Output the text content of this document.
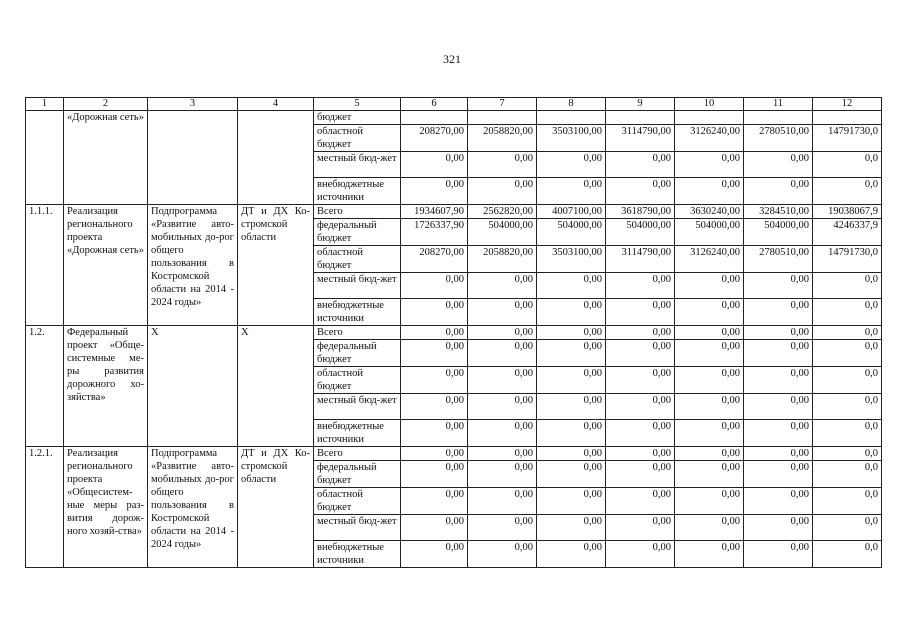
321
1	2	3	4	5	6	7	8	9	10	11	12
	«Дорожная сеть»			бюджет							
				областной бюджет	208270,00	2058820,00	3503100,00	3114790,00	3126240,00	2780510,00	14791730,0
				местный бюд-жет	0,00	0,00	0,00	0,00	0,00	0,00	0,0
				внебюджетные источники	0,00	0,00	0,00	0,00	0,00	0,00	0,0
1.1.1.	Реализация регионального проекта «Дорожная сеть»	Подпрограмма «Развитие авто-мобильных до-рог общего пользования в Костромской области на 2014 - 2024 годы»	ДТ и ДХ Ко-стромской области	Всего	1934607,90	2562820,00	4007100,00	3618790,00	3630240,00	3284510,00	19038067,9
				федеральный бюджет	1726337,90	504000,00	504000,00	504000,00	504000,00	504000,00	4246337,9
				областной бюджет	208270,00	2058820,00	3503100,00	3114790,00	3126240,00	2780510,00	14791730,0
				местный бюд-жет	0,00	0,00	0,00	0,00	0,00	0,00	0,0
				внебюджетные источники	0,00	0,00	0,00	0,00	0,00	0,00	0,0
1.2.	Федеральный проект «Обще-системные ме-ры развития дорожного хо-зяйства»	Х	Х	Всего	0,00	0,00	0,00	0,00	0,00	0,00	0,0
				федеральный бюджет	0,00	0,00	0,00	0,00	0,00	0,00	0,0
				областной бюджет	0,00	0,00	0,00	0,00	0,00	0,00	0,0
				местный бюд-жет	0,00	0,00	0,00	0,00	0,00	0,00	0,0
				внебюджетные источники	0,00	0,00	0,00	0,00	0,00	0,00	0,0
1.2.1.	Реализация регионального проекта «Общесистем-ные меры раз-вития дорож-ного хозяй-ства»	Подпрограмма «Развитие авто-мобильных до-рог общего пользования в Костромской области на 2014 - 2024 годы»	ДТ и ДХ Ко-стромской области	Всего	0,00	0,00	0,00	0,00	0,00	0,00	0,0
				федеральный бюджет	0,00	0,00	0,00	0,00	0,00	0,00	0,0
				областной бюджет	0,00	0,00	0,00	0,00	0,00	0,00	0,0
				местный бюд-жет	0,00	0,00	0,00	0,00	0,00	0,00	0,0
				внебюджетные источники	0,00	0,00	0,00	0,00	0,00	0,00	0,0
